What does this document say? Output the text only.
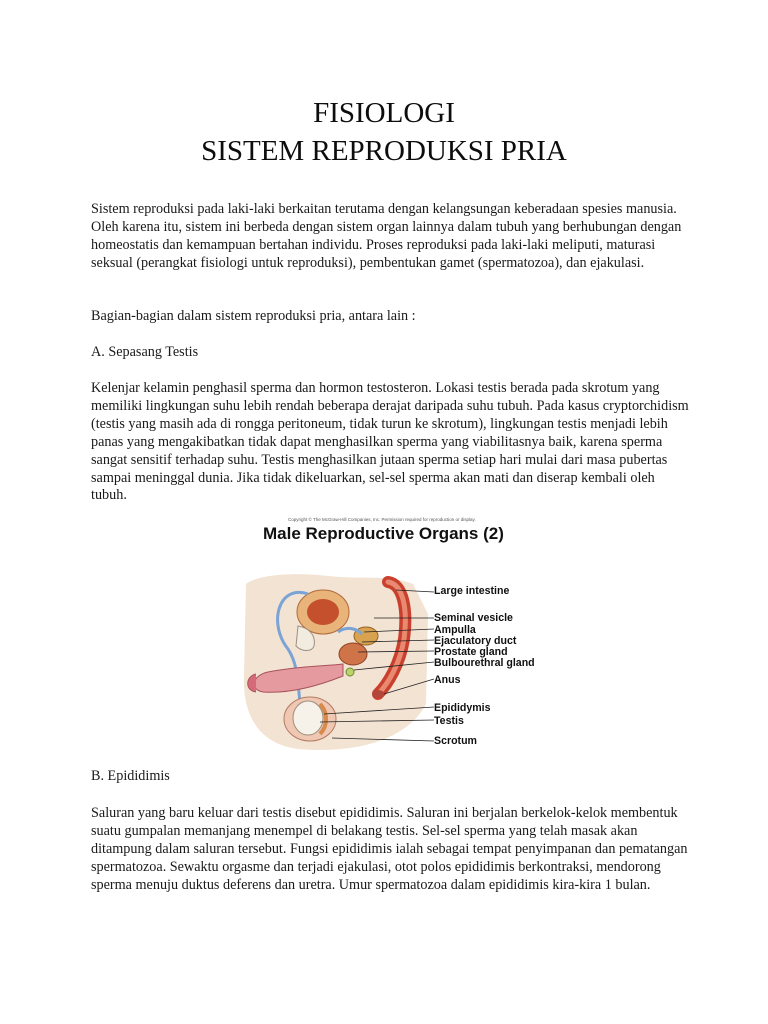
FISIOLOGI
SISTEM REPRODUKSI PRIA

Sistem reproduksi pada laki-laki berkaitan terutama dengan kelangsungan keberadaan spesies manusia. Oleh karena itu, sistem ini berbeda dengan sistem organ lainnya dalam tubuh yang berhubungan dengan homeostatis dan kemampuan bertahan individu. Proses reproduksi pada laki-laki meliputi, maturasi seksual (perangkat fisiologi untuk reproduksi), pembentukan gamet (spermatozoa), dan ejakulasi.

Bagian-bagian dalam sistem reproduksi pria, antara lain :

A. Sepasang Testis

Kelenjar kelamin penghasil sperma dan hormon testosteron. Lokasi testis berada pada skrotum yang memiliki lingkungan suhu lebih rendah beberapa derajat daripada suhu tubuh. Pada kasus cryptorchidism (testis yang masih ada di rongga peritoneum, tidak turun ke skrotum), lingkungan testis menjadi lebih panas yang mengakibatkan tidak dapat menghasilkan sperma yang viabilitasnya baik, karena sperma sangat sensitif terhadap suhu. Testis menghasilkan jutaan sperma setiap hari mulai dari masa pubertas sampai meninggal dunia. Jika tidak dikeluarkan, sel-sel sperma akan mati dan diserap kembali oleh tubuh.

Copyright © The McGraw-Hill Companies, Inc. Permission required for reproduction or display.
Male Reproductive Organs (2)
Large intestine
Seminal vesicle
Ampulla
Ejaculatory duct
Prostate gland
Bulbourethral gland
Anus
Epididymis
Testis
Scrotum

B. Epididimis

Saluran yang baru keluar dari testis disebut epididimis. Saluran ini berjalan berkelok-kelok membentuk suatu gumpalan memanjang menempel di belakang testis. Sel-sel sperma yang telah masak akan ditampung dalam saluran tersebut. Fungsi epididimis ialah sebagai tempat penyimpanan dan pematangan spermatozoa. Sewaktu orgasme dan terjadi ejakulasi, otot polos epididimis berkontraksi, mendorong sperma menuju duktus deferens dan uretra. Umur spermatozoa dalam epididimis kira-kira 1 bulan.
